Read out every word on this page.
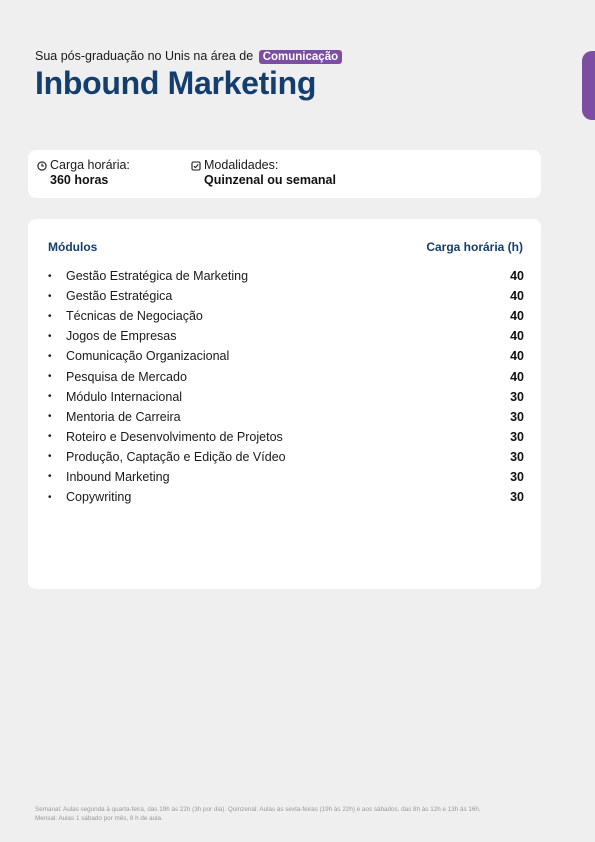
Sua pós-graduação no Unis na área de Comunicação
Inbound Marketing
Carga horária:
360 horas
Modalidades:
Quinzenal ou semanal
Módulos	Carga horária (h)
•	Gestão Estratégica de Marketing	40
•	Gestão Estratégica	40
•	Técnicas de Negociação	40
•	Jogos de Empresas	40
•	Comunicação Organizacional	40
•	Pesquisa de Mercado	40
•	Módulo Internacional	30
•	Mentoria de Carreira	30
•	Roteiro e Desenvolvimento de Projetos	30
•	Produção, Captação e Edição de Vídeo	30
•	Inbound Marketing	30
•	Copywriting	30
Semanal: Aulas segunda à quarta-feira, das 19h às 22h (3h por dia). Quinzenal: Aulas às sexta-feiras (19h às 22h) e aos sábados, das 8h às 12h e 13h às 16h.
Mensal: Aulas 1 sábado por mês, 8 h de aula.
